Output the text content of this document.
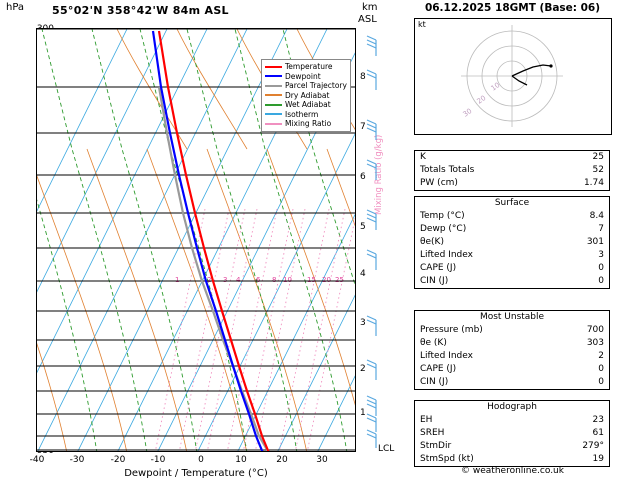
hPa	55°02'N 358°42'W 84m ASL	km
ASL
1
2
3
4
5
6
7
8
LCL
Mixing Ratio (g/kg)
-40	-30	-20	-10	0	10	20	30
Dewpoint / Temperature (°C)
1	2 3 4 6 8 10 15 20 25
Temperature
Dewpoint
Parcel Trajectory
Dry Adiabat
Wet Adiabat
Isotherm
Mixing Ratio
06.12.2025 18GMT (Base: 06)
kt
10
20
30
K	25
Totals Totals	52
PW (cm)	1.74
Surface
Temp (°C)	8.4
Dewp (°C)	7
θe(K)	301
Lifted Index	3
CAPE (J)	0
CIN (J)	0
Most Unstable
Pressure (mb)	700
θe (K)	303
Lifted Index	2
CAPE (J)	0
CIN (J)	0
Hodograph
EH	23
SREH	61
StmDir	279°
StmSpd (kt)	19
© weatheronline.co.uk
